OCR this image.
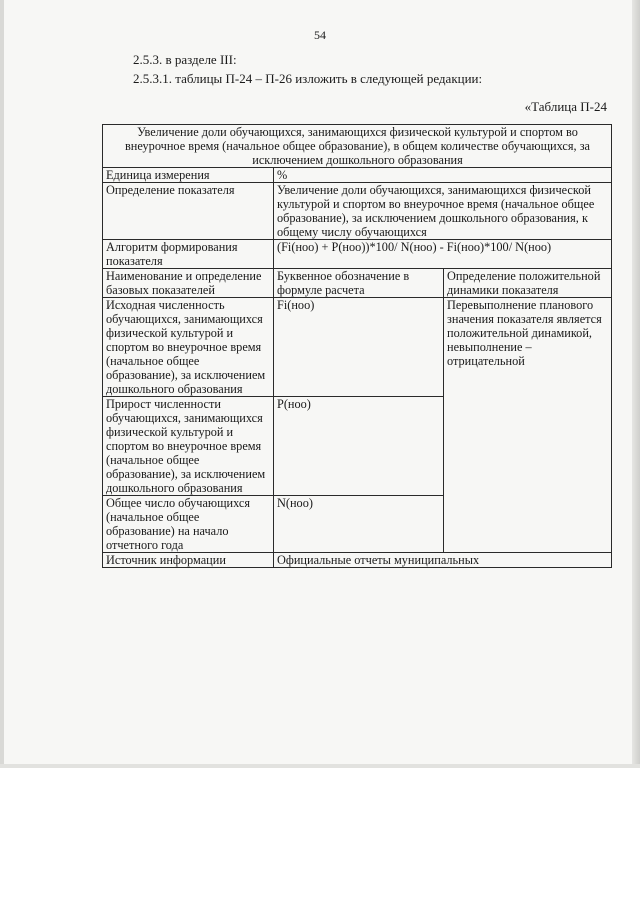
54
2.5.3. в разделе III:
2.5.3.1. таблицы П-24 – П-26 изложить в следующей редакции:
«Таблица П-24
Увеличение доли обучающихся, занимающихся физической культурой и спортом во внеурочное время (начальное общее образование), в общем количестве обучающихся, за исключением дошкольного образования		
Единица измерения	%	
Определение показателя	Увеличение доли обучающихся, занимающихся физической культурой и спортом во внеурочное время (начальное общее образование), за исключением дошкольного образования, к общему числу обучающихся	
Алгоритм формирования показателя	(Fi(ноо) + P(ноо))*100/ N(ноо) - Fi(ноо)*100/ N(ноо)	
Наименование и определение базовых показателей	Буквенное обозначение в формуле расчета	Определение положительной динамики показателя
Исходная численность обучающихся, занимающихся физической культурой и спортом во внеурочное время (начальное общее образование), за исключением дошкольного образования	Fi(ноо)	Перевыполнение планового значения показателя является положительной динамикой, невыполнение – отрицательной
Прирост численности обучающихся, занимающихся физической культурой и спортом во внеурочное время (начальное общее образование), за исключением дошкольного образования	P(ноо)	
Общее число обучающихся (начальное общее образование) на начало отчетного года	N(ноо)	
Источник информации	Официальные отчеты муниципальных	
